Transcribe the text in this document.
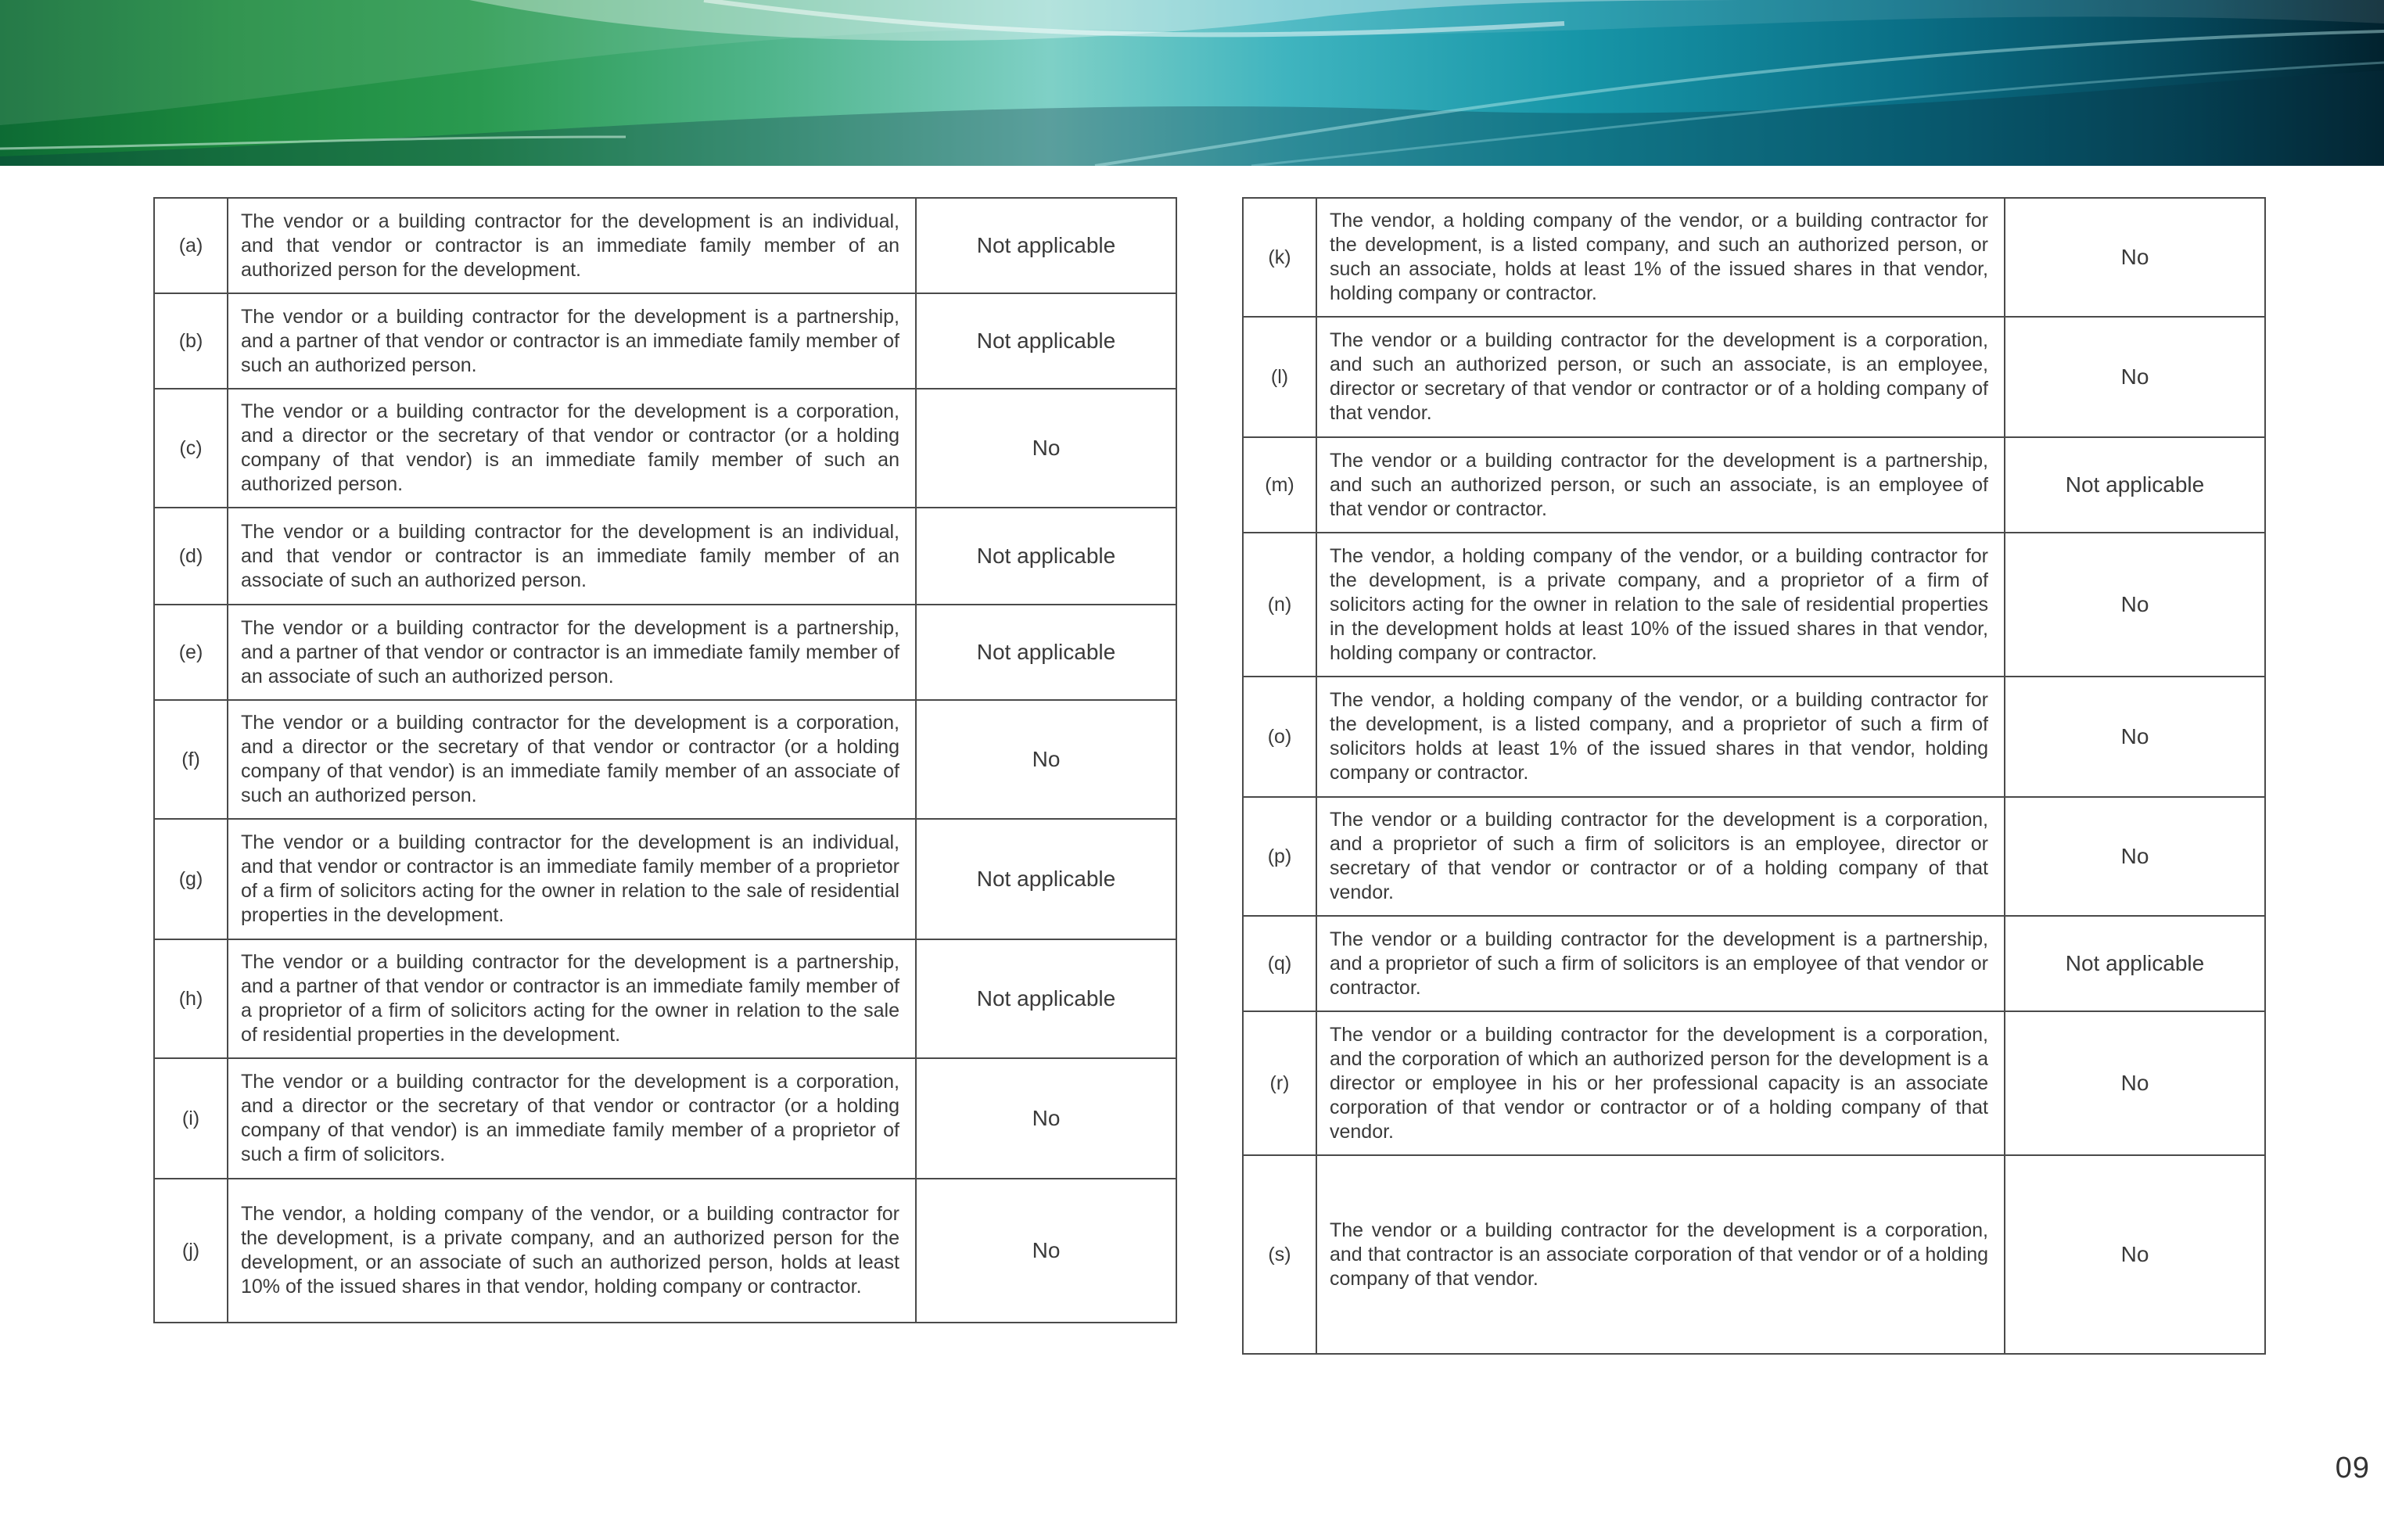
(a)	The vendor or a building contractor for the development is an individual, and that vendor or contractor is an immediate family member of an authorized person for the development.	Not applicable
(b)	The vendor or a building contractor for the development is a partnership, and a partner of that vendor or contractor is an immediate family member of such an authorized person.	Not applicable
(c)	The vendor or a building contractor for the development is a corporation, and a director or the secretary of that vendor or contractor (or a holding company of that vendor) is an immediate family member of such an authorized person.	No
(d)	The vendor or a building contractor for the development is an individual, and that vendor or contractor is an immediate family member of an associate of such an authorized person.	Not applicable
(e)	The vendor or a building contractor for the development is a partnership, and a partner of that vendor or contractor is an immediate family member of an associate of such an authorized person.	Not applicable
(f)	The vendor or a building contractor for the development is a corporation, and a director or the secretary of that vendor or contractor (or a holding company of that vendor) is an immediate family member of an associate of such an authorized person.	No
(g)	The vendor or a building contractor for the development is an individual, and that vendor or contractor is an immediate family member of a proprietor of a firm of solicitors acting for the owner in relation to the sale of residential properties in the development.	Not applicable
(h)	The vendor or a building contractor for the development is a partnership, and a partner of that vendor or contractor is an immediate family member of a proprietor of a firm of solicitors acting for the owner in relation to the sale of residential properties in the development.	Not applicable
(i)	The vendor or a building contractor for the development is a corporation, and a director or the secretary of that vendor or contractor (or a holding company of that vendor) is an immediate family member of a proprietor of such a firm of solicitors.	No
(j)	The vendor, a holding company of the vendor, or a building contractor for the development, is a private company, and an authorized person for the development, or an associate of such an authorized person, holds at least 10% of the issued shares in that vendor, holding company or contractor.	No
(k)	The vendor, a holding company of the vendor, or a building contractor for the development, is a listed company, and such an authorized person, or such an associate, holds at least 1% of the issued shares in that vendor, holding company or contractor.	No
(l)	The vendor or a building contractor for the development is a corporation, and such an authorized person, or such an associate, is an employee, director or secretary of that vendor or contractor or of a holding company of that vendor.	No
(m)	The vendor or a building contractor for the development is a partnership, and such an authorized person, or such an associate, is an employee of that vendor or contractor.	Not applicable
(n)	The vendor, a holding company of the vendor, or a building contractor for the development, is a private company, and a proprietor of a firm of solicitors acting for the owner in relation to the sale of residential properties in the development holds at least 10% of the issued shares in that vendor, holding company or contractor.	No
(o)	The vendor, a holding company of the vendor, or a building contractor for the development, is a listed company, and a proprietor of such a firm of solicitors holds at least 1% of the issued shares in that vendor, holding company or contractor.	No
(p)	The vendor or a building contractor for the development is a corporation, and a proprietor of such a firm of solicitors is an employee, director or secretary of that vendor or contractor or of a holding company of that vendor.	No
(q)	The vendor or a building contractor for the development is a partnership, and a proprietor of such a firm of solicitors is an employee of that vendor or contractor.	Not applicable
(r)	The vendor or a building contractor for the development is a corporation, and the corporation of which an authorized person for the development is a director or employee in his or her professional capacity is an associate corporation of that vendor or contractor or of a holding company of that vendor.	No
(s)	The vendor or a building contractor for the development is a corporation, and that contractor is an associate corporation of that vendor or of a holding company of that vendor.	No
09
